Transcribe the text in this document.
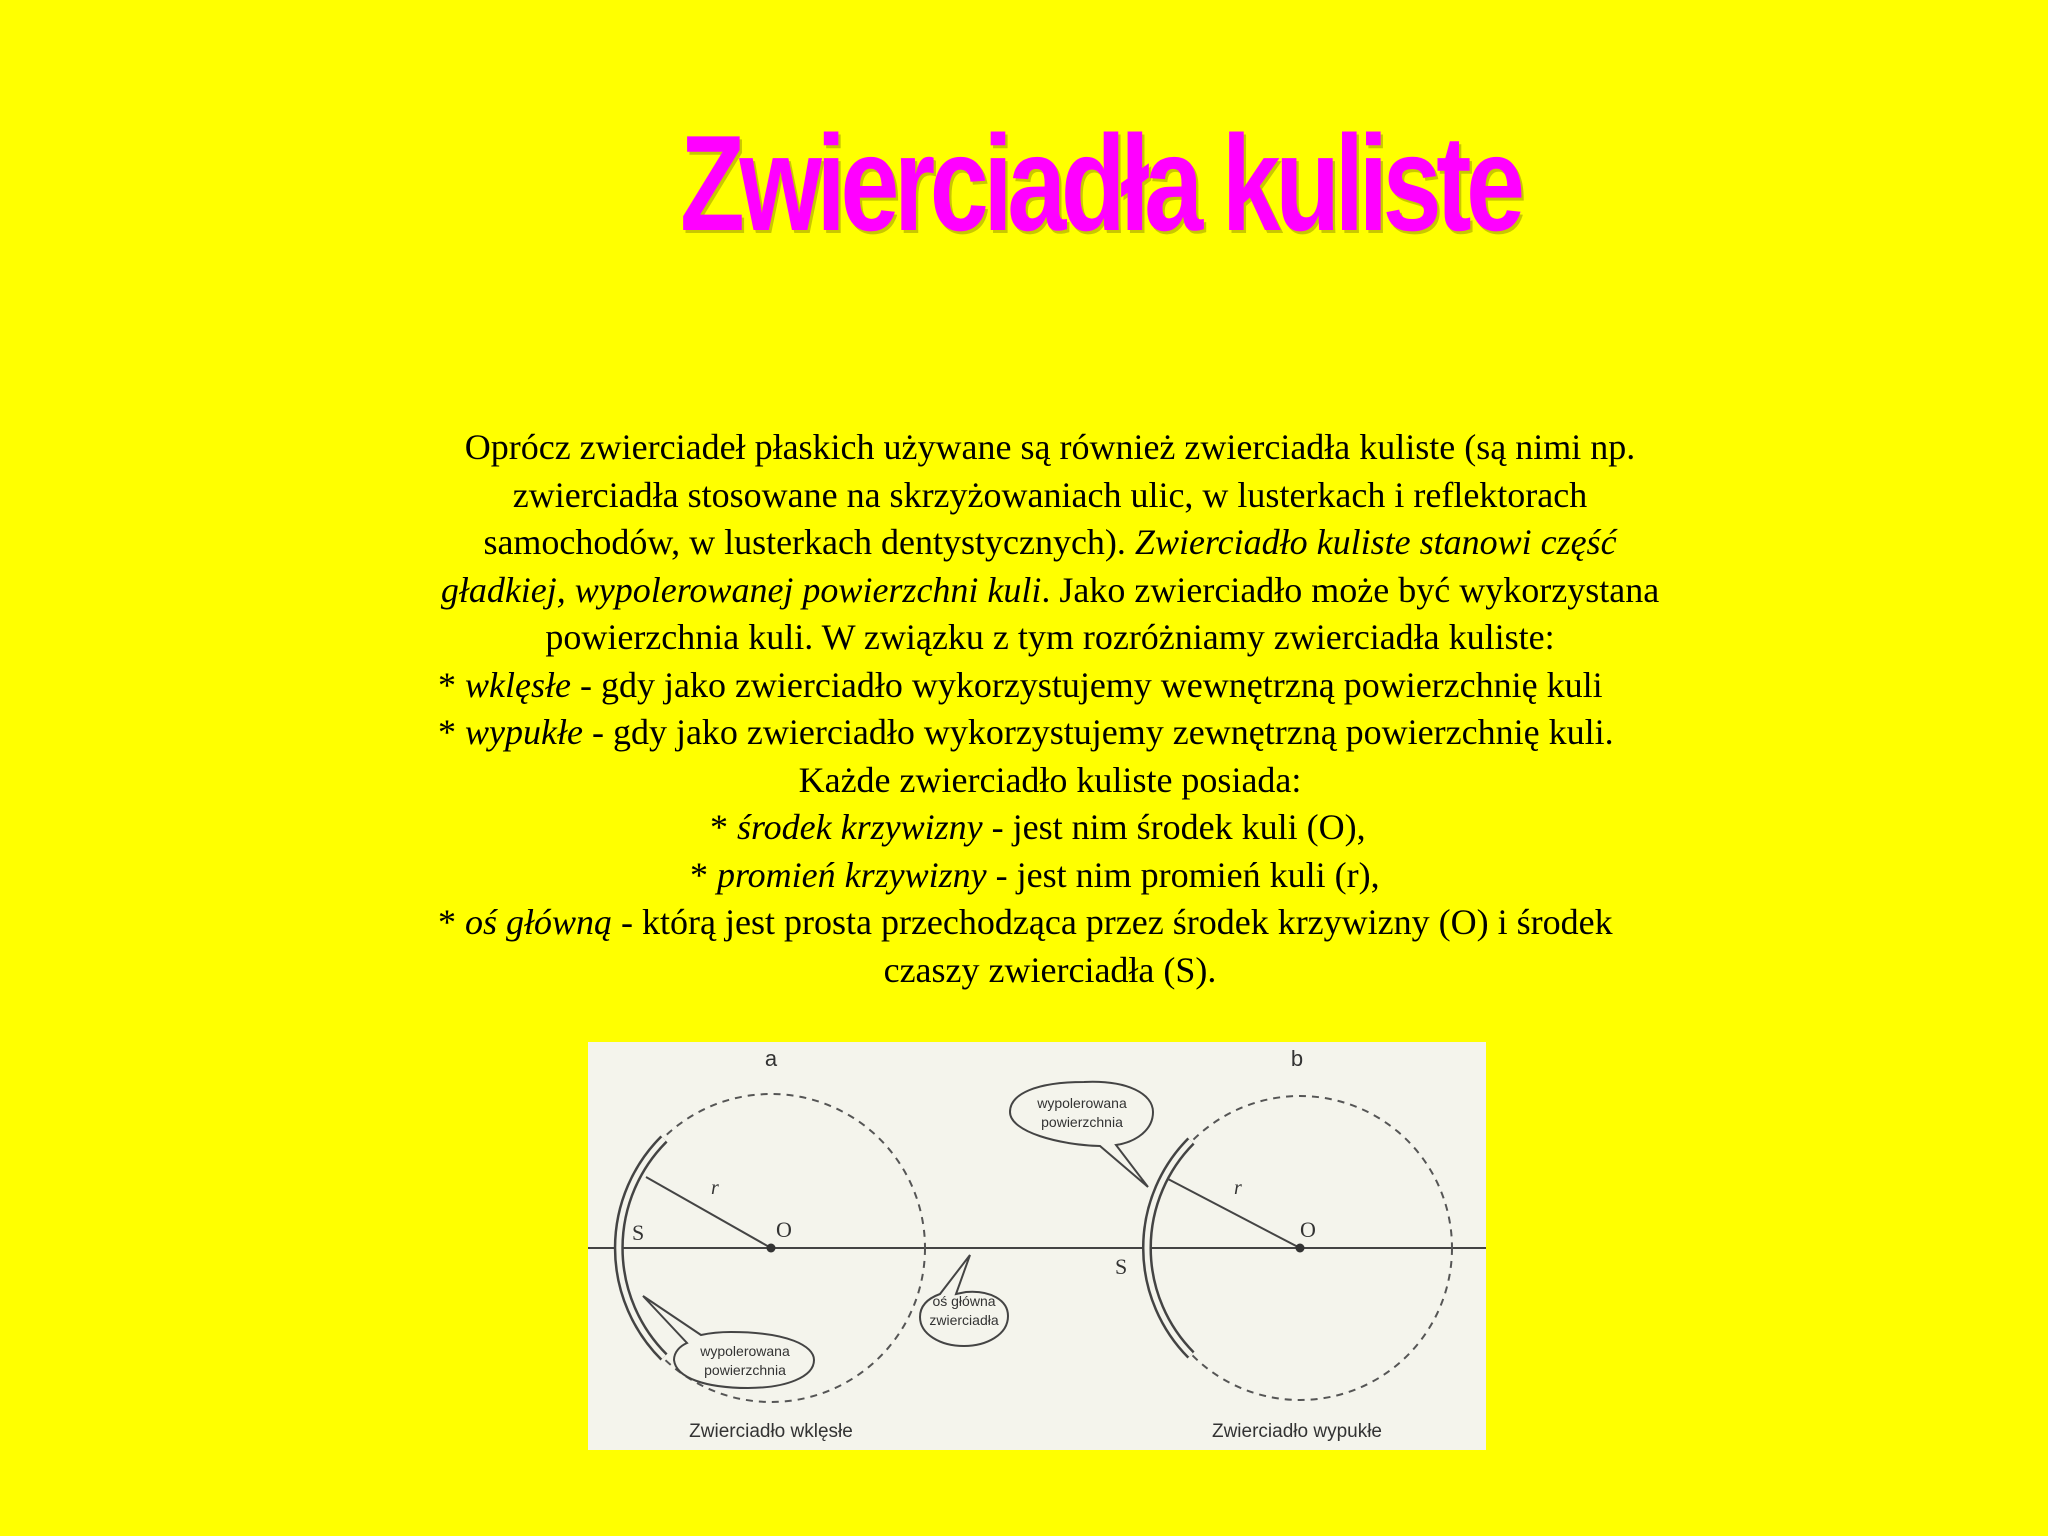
Zwierciadła kuliste
Oprócz zwierciadeł płaskich używane są również zwierciadła kuliste (są nimi np.
zwierciadła stosowane na skrzyżowaniach ulic, w lusterkach i reflektorach
samochodów, w lusterkach dentystycznych). Zwierciadło kuliste stanowi część
gładkiej, wypolerowanej powierzchni kuli. Jako zwierciadło może być wykorzystana
powierzchnia kuli. W związku z tym rozróżniamy zwierciadła kuliste:
* wklęsłe - gdy jako zwierciadło wykorzystujemy wewnętrzną powierzchnię kuli
* wypukłe - gdy jako zwierciadło wykorzystujemy zewnętrzną powierzchnię kuli.
Każde zwierciadło kuliste posiada:
* środek krzywizny - jest nim środek kuli (O),
* promień krzywizny - jest nim promień kuli (r),
* oś główną - którą jest prosta przechodząca przez środek krzywizny (O) i środek
czaszy zwierciadła (S).
a
r
O
S
wypolerowana
powierzchnia
Zwierciadło wklęsłe
oś główna
zwierciadła
b
r
O
S
wypolerowana
powierzchnia
Zwierciadło wypukłe
